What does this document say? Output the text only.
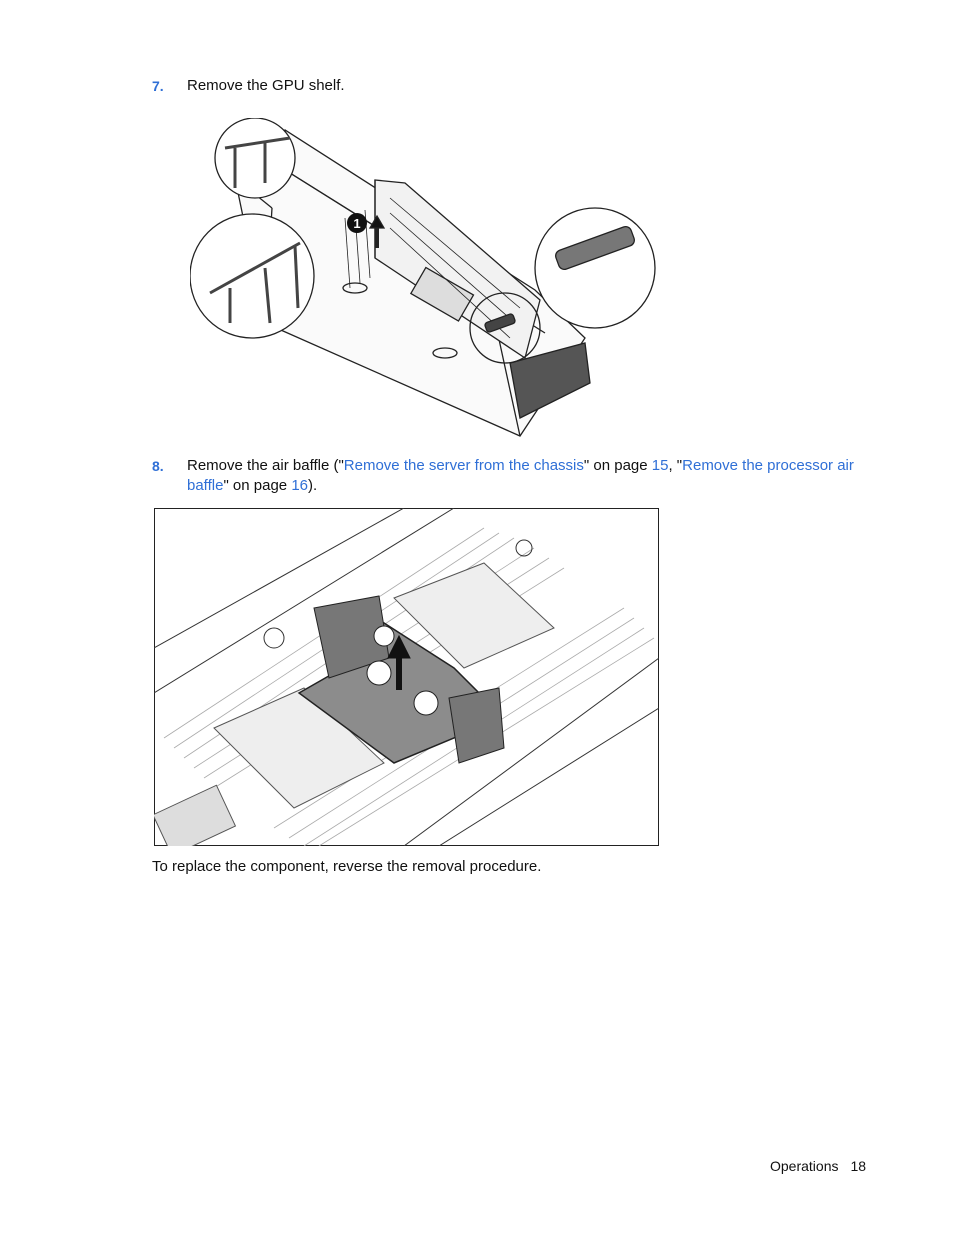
7. Remove the GPU shelf.
1
8. Remove the air baffle ("Remove the server from the chassis" on page 15, "Remove the processor air baffle" on page 16).
To replace the component, reverse the removal procedure.
Operations 18
